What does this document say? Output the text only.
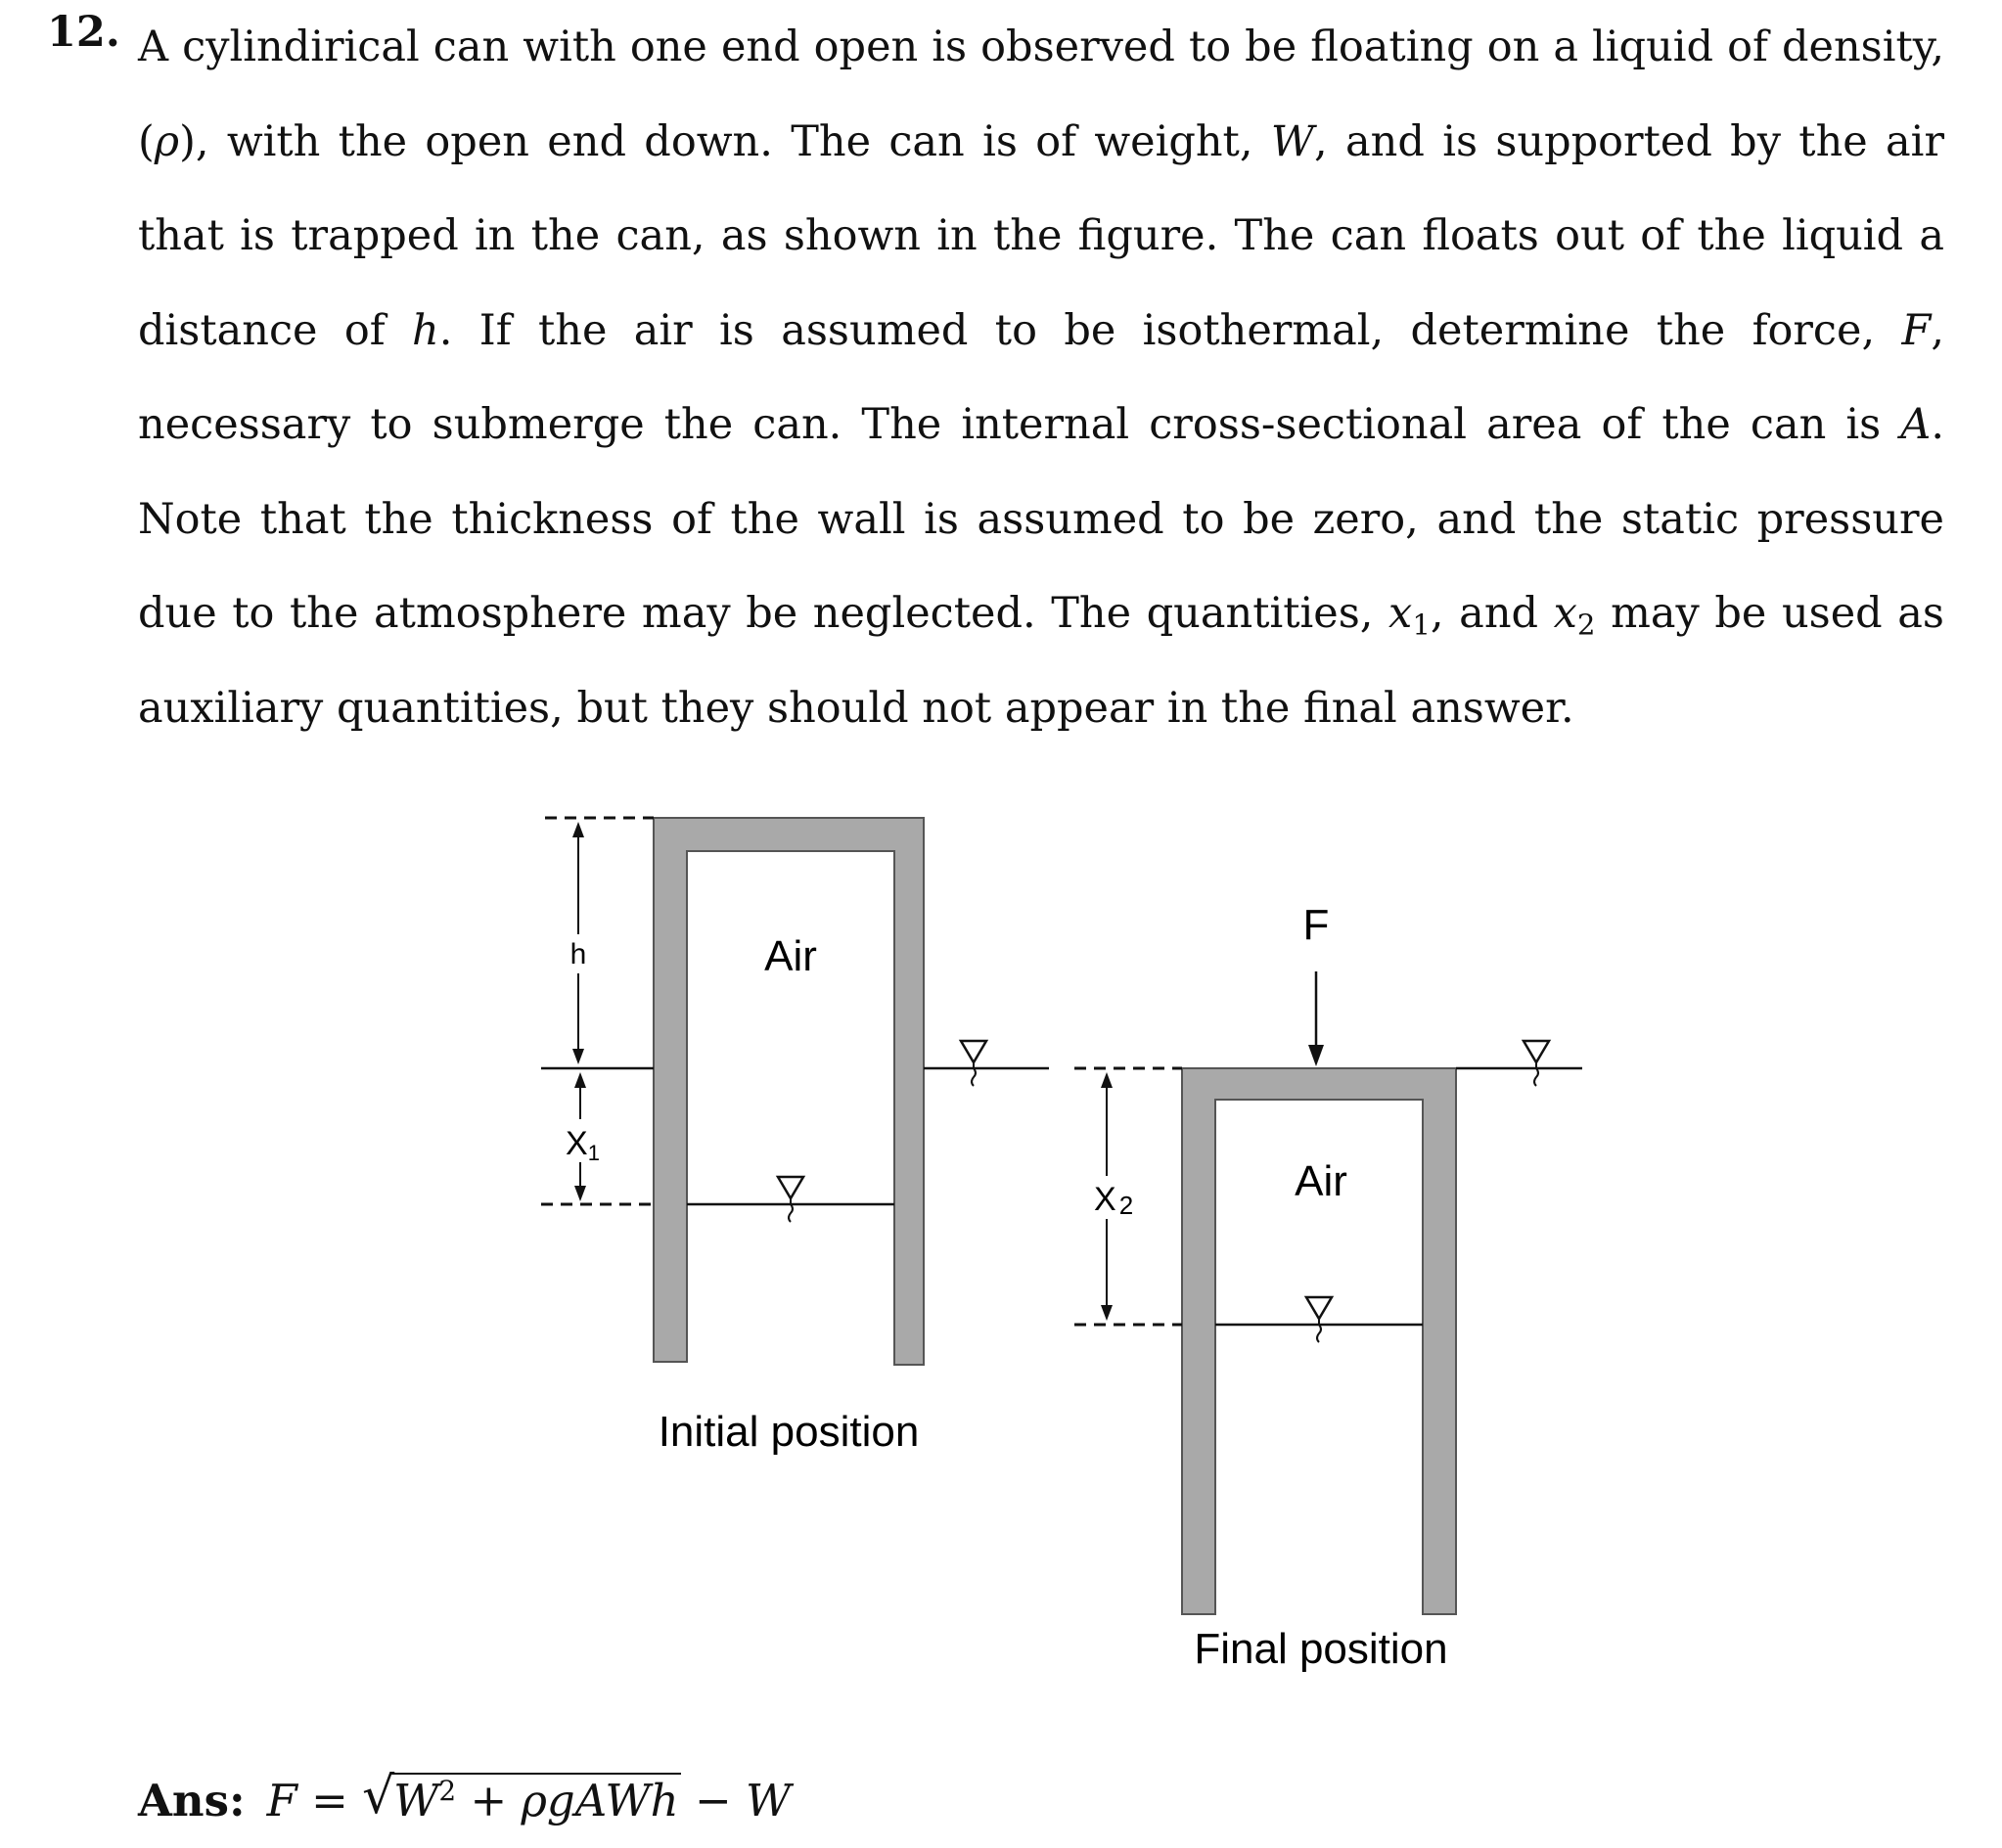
12. A cylindirical can with one end open is observed to be floating on a liquid of density, (ρ), with the open end down. The can is of weight, W, and is supported by the air that is trapped in the can, as shown in the figure. The can floats out of the liquid a distance of h. If the air is assumed to be isothermal, determine the force, F, necessary to submerge the can. The internal cross-sectional area of the can is A. Note that the thickness of the wall is assumed to be zero, and the static pressure due to the atmosphere may be neglected. The quantities, $x_1$, and $x_2$ may be used as auxiliary quantities, but they should not appear in the final answer.
h
X1
Air
Initial position
X 2
F
Air
Final position
Ans: F = √
$W^2$ + ρgAWh − W
